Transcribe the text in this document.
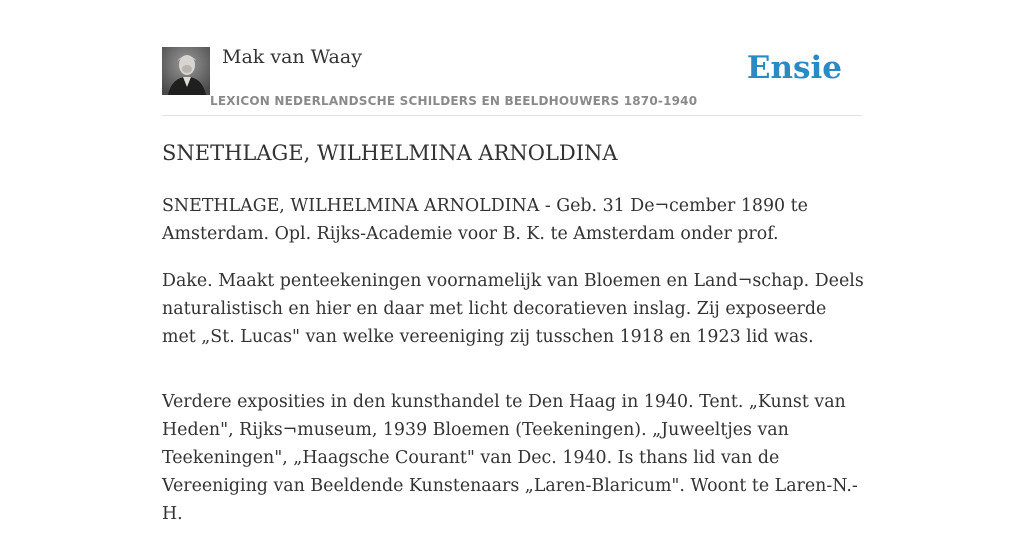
Mak van Waay
LEXICON NEDERLANDSCHE SCHILDERS EN BEELDHOUWERS 1870-1940
Ensie
SNETHLAGE, WILHELMINA ARNOLDINA

SNETHLAGE, WILHELMINA ARNOLDINA - Geb. 31 De¬cember 1890 te Amsterdam. Opl. Rijks-Academie voor B. K. te Amsterdam onder prof.

Dake. Maakt penteekeningen voornamelijk van Bloemen en Land¬schap. Deels naturalistisch en hier en daar met licht decoratieven inslag. Zij exposeerde met „St. Lucas" van welke vereeniging zij tusschen 1918 en 1923 lid was.

Verdere exposities in den kunsthandel te Den Haag in 1940. Tent. „Kunst van Heden", Rijks¬museum, 1939 Bloemen (Teekeningen). „Juweeltjes van Teekeningen", „Haagsche Courant" van Dec. 1940. Is thans lid van de Vereeniging van Beeldende Kunstenaars „Laren-Blaricum". Woont te Laren-N.-H.
